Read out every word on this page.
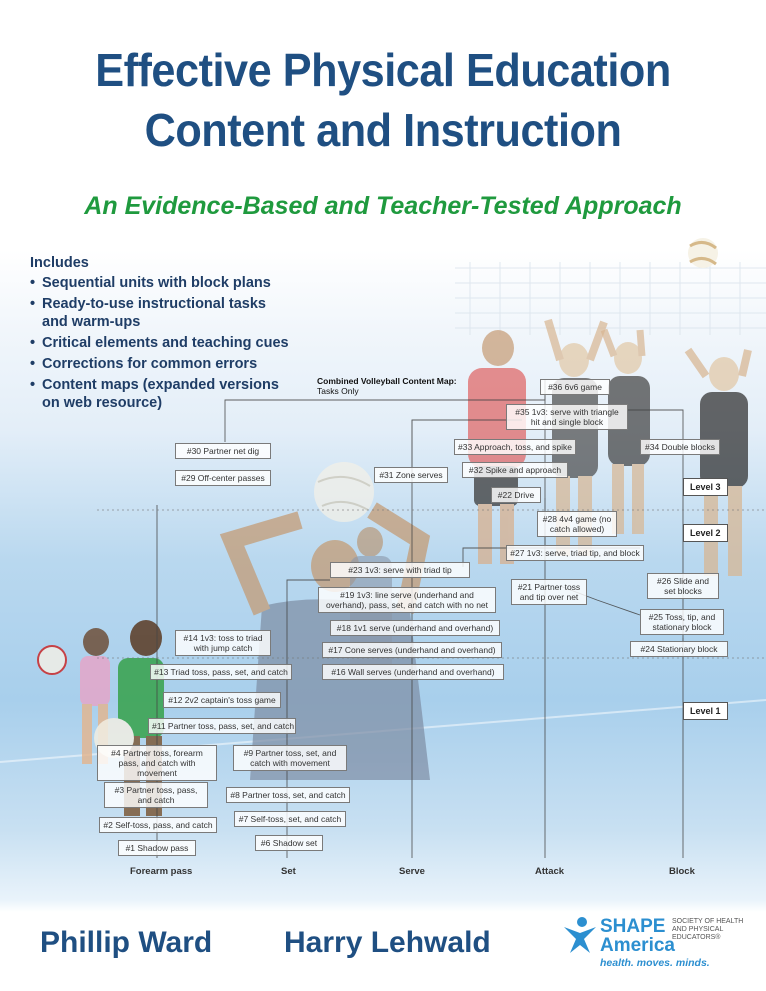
Effective Physical Education
Content and Instruction
An Evidence-Based and Teacher-Tested Approach
Includes
• Sequential units with block plans
• Ready-to-use instructional tasks and warm-ups
• Critical elements and teaching cues
• Corrections for common errors
• Content maps (expanded versions on web resource)
Combined Volleyball Content Map:
Tasks Only	#36 6v6 game
#35 1v3: serve with triangle hit and single block
#30 Partner net dig	#33 Approach, toss, and spike	#34 Double blocks
#29 Off-center passes	#31 Zone serves	#32 Spike and approach
#22 Drive
#28 4v4 game (no catch allowed)
#27 1v3: serve, triad tip, and block
#23 1v3: serve with triad tip
#21 Partner toss and tip over net
#26 Slide and set blocks
#19 1v3: line serve (underhand and overhand), pass, set, and catch with no net
#25 Toss, tip, and stationary block
#18 1v1 serve (underhand and overhand)
#14 1v3: toss to triad with jump catch	#17 Cone serves (underhand and overhand)	#24 Stationary block
#13 Triad toss, pass, set, and catch	#16 Wall serves (underhand and overhand)
#12 2v2 captain's toss game
#11 Partner toss, pass, set, and catch
#4 Partner toss, forearm pass, and catch with movement
#9 Partner toss, set, and catch with movement
#3 Partner toss, pass, and catch	#8 Partner toss, set, and catch
#2 Self-toss, pass, and catch
#7 Self-toss, set, and catch
#1 Shadow pass	#6 Shadow set
Level 3
Level 2
Level 1
Forearm pass	Set	Serve	Attack	Block
Phillip Ward Harry Lehwald	SHAPE America
SOCIETY OF HEALTH AND PHYSICAL EDUCATORS®
health. moves. minds.
